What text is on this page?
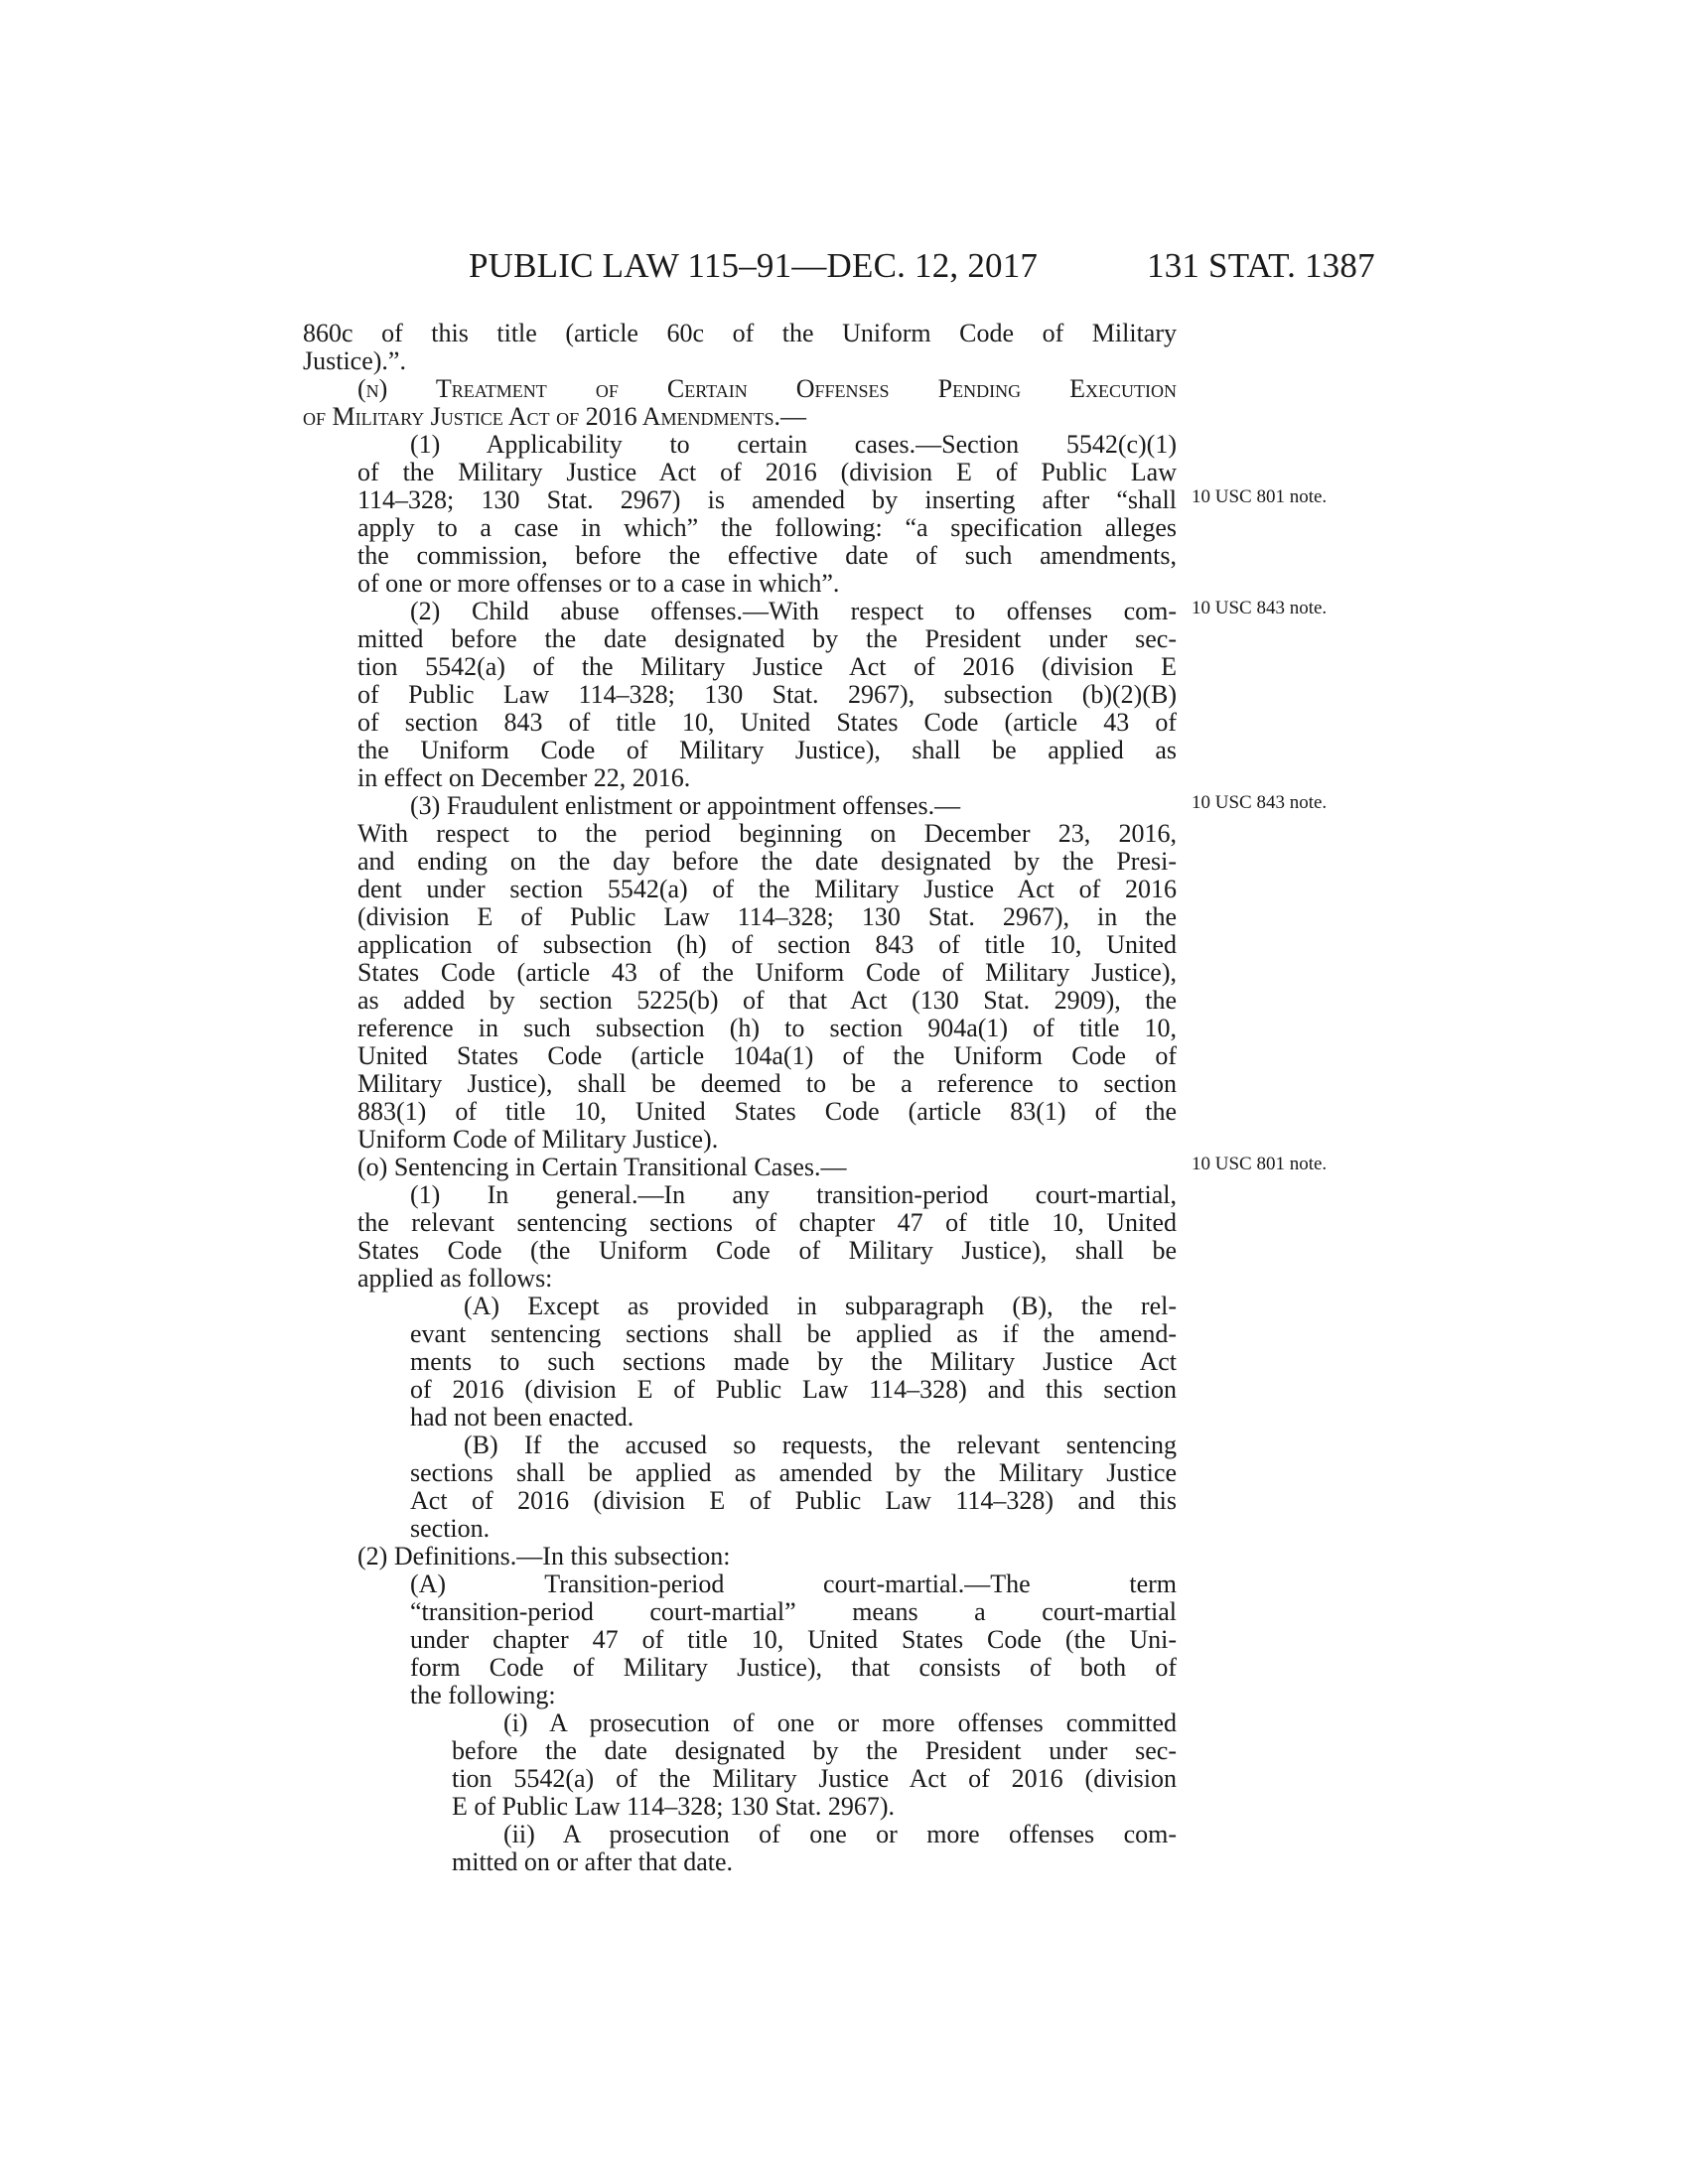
PUBLIC LAW 115–91—DEC. 12, 2017	131 STAT. 1387
860c of this title (article 60c of the Uniform Code of Military
Justice).”.
(n) Treatment of Certain Offenses Pending Execution
of Military Justice Act of 2016 Amendments.—
(1) Applicability to certain cases.—Section 5542(c)(1)
of the Military Justice Act of 2016 (division E of Public Law
114–328; 130 Stat. 2967) is amended by inserting after “shall
apply to a case in which” the following: “a specification alleges
the commission, before the effective date of such amendments,
of one or more offenses or to a case in which”.
(2) Child abuse offenses.—With respect to offenses com-
mitted before the date designated by the President under sec-
tion 5542(a) of the Military Justice Act of 2016 (division E
of Public Law 114–328; 130 Stat. 2967), subsection (b)(2)(B)
of section 843 of title 10, United States Code (article 43 of
the Uniform Code of Military Justice), shall be applied as
in effect on December 22, 2016.
(3) Fraudulent enlistment or appointment offenses.—
With respect to the period beginning on December 23, 2016,
and ending on the day before the date designated by the Presi-
dent under section 5542(a) of the Military Justice Act of 2016
(division E of Public Law 114–328; 130 Stat. 2967), in the
application of subsection (h) of section 843 of title 10, United
States Code (article 43 of the Uniform Code of Military Justice),
as added by section 5225(b) of that Act (130 Stat. 2909), the
reference in such subsection (h) to section 904a(1) of title 10,
United States Code (article 104a(1) of the Uniform Code of
Military Justice), shall be deemed to be a reference to section
883(1) of title 10, United States Code (article 83(1) of the
Uniform Code of Military Justice).
(o) Sentencing in Certain Transitional Cases.—
(1) In general.—In any transition-period court-martial,
the relevant sentencing sections of chapter 47 of title 10, United
States Code (the Uniform Code of Military Justice), shall be
applied as follows:
(A) Except as provided in subparagraph (B), the rel-
evant sentencing sections shall be applied as if the amend-
ments to such sections made by the Military Justice Act
of 2016 (division E of Public Law 114–328) and this section
had not been enacted.
(B) If the accused so requests, the relevant sentencing
sections shall be applied as amended by the Military Justice
Act of 2016 (division E of Public Law 114–328) and this
section.
(2) Definitions.—In this subsection:
(A) Transition-period court-martial.—The term
“transition-period court-martial” means a court-martial
under chapter 47 of title 10, United States Code (the Uni-
form Code of Military Justice), that consists of both of
the following:
(i) A prosecution of one or more offenses committed
before the date designated by the President under sec-
tion 5542(a) of the Military Justice Act of 2016 (division
E of Public Law 114–328; 130 Stat. 2967).
(ii) A prosecution of one or more offenses com-
mitted on or after that date.
10 USC 801 note.
10 USC 843 note.
10 USC 843 note.
10 USC 801 note.
